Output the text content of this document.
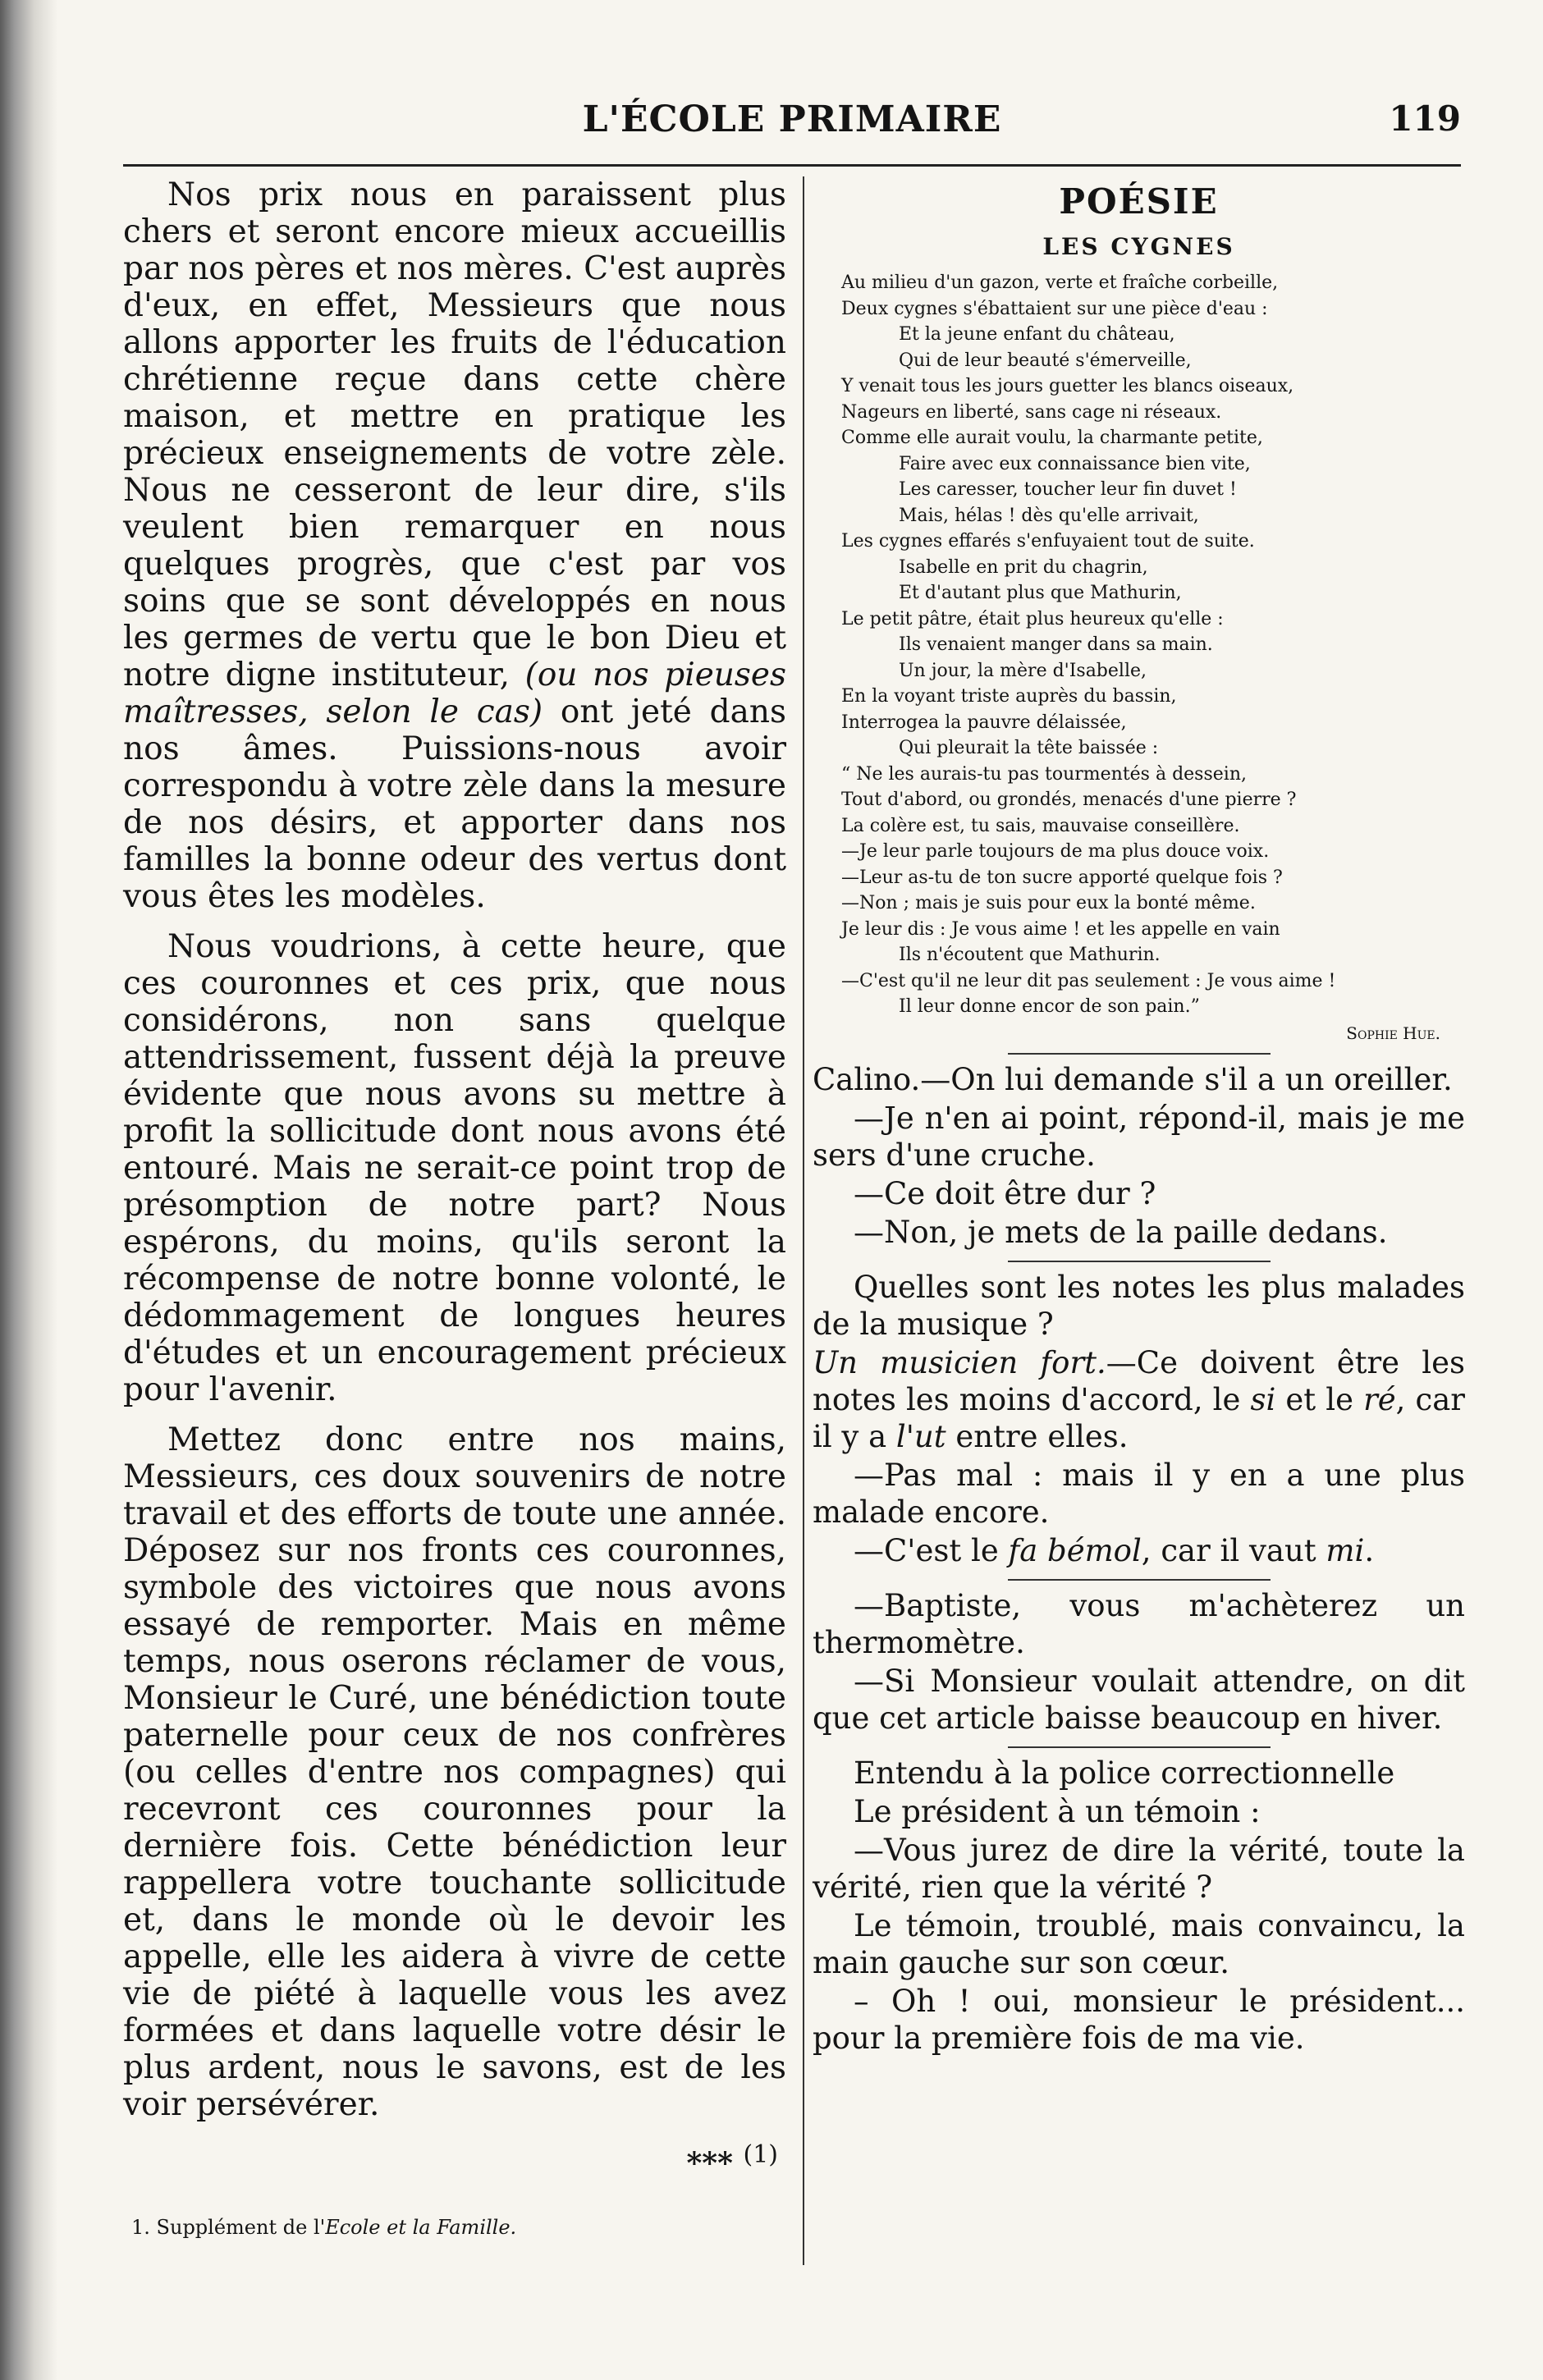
L'ÉCOLE PRIMAIRE	119

Nos prix nous en paraissent plus chers et seront encore mieux accueillis par nos pères et nos mères. C'est auprès d'eux, en effet, Messieurs que nous allons apporter les fruits de l'éducation chrétienne reçue dans cette chère maison, et mettre en pratique les précieux enseignements de votre zèle. Nous ne cesseront de leur dire, s'ils veulent bien remarquer en nous quelques progrès, que c'est par vos soins que se sont développés en nous les germes de vertu que le bon Dieu et notre digne instituteur, (ou nos pieuses maîtresses, selon le cas) ont jeté dans nos âmes. Puissions-nous avoir correspondu à votre zèle dans la mesure de nos désirs, et apporter dans nos familles la bonne odeur des vertus dont vous êtes les modèles.

Nous voudrions, à cette heure, que ces couronnes et ces prix, que nous considérons, non sans quelque attendrissement, fussent déjà la preuve évidente que nous avons su mettre à profit la sollicitude dont nous avons été entouré. Mais ne serait-ce point trop de présomption de notre part? Nous espérons, du moins, qu'ils seront la récompense de notre bonne volonté, le dédommagement de longues heures d'études et un encouragement précieux pour l'avenir.

Mettez donc entre nos mains, Messieurs, ces doux souvenirs de notre travail et des efforts de toute une année. Déposez sur nos fronts ces couronnes, symbole des victoires que nous avons essayé de remporter. Mais en même temps, nous oserons réclamer de vous, Monsieur le Curé, une bénédiction toute paternelle pour ceux de nos confrères (ou celles d'entre nos compagnes) qui recevront ces couronnes pour la dernière fois. Cette bénédiction leur rappellera votre touchante sollicitude et, dans le monde où le devoir les appelle, elle les aidera à vivre de cette vie de piété à laquelle vous les avez formées et dans laquelle votre désir le plus ardent, nous le savons, est de les voir persévérer.

*** $^{(1)}$
1. Supplément de l'Ecole et la Famille.
POÉSIE
LES CYGNES
Au milieu d'un gazon, verte et fraîche corbeille,
Deux cygnes s'ébattaient sur une pièce d'eau :
Et la jeune enfant du château,
Qui de leur beauté s'émerveille,
Y venait tous les jours guetter les blancs oiseaux,
Nageurs en liberté, sans cage ni réseaux.
Comme elle aurait voulu, la charmante petite,
Faire avec eux connaissance bien vite,
Les caresser, toucher leur fin duvet !
Mais, hélas ! dès qu'elle arrivait,
Les cygnes effarés s'enfuyaient tout de suite.
Isabelle en prit du chagrin,
Et d'autant plus que Mathurin,
Le petit pâtre, était plus heureux qu'elle :
Ils venaient manger dans sa main.
Un jour, la mère d'Isabelle,
En la voyant triste auprès du bassin,
Interrogea la pauvre délaissée,
Qui pleurait la tête baissée :
“ Ne les aurais-tu pas tourmentés à dessein,
Tout d'abord, ou grondés, menacés d'une pierre ?
La colère est, tu sais, mauvaise conseillère.
—Je leur parle toujours de ma plus douce voix.
—Leur as-tu de ton sucre apporté quelque fois ?
—Non ; mais je suis pour eux la bonté même.
Je leur dis : Je vous aime ! et les appelle en vain
Ils n'écoutent que Mathurin.
—C'est qu'il ne leur dit pas seulement : Je vous aime !
Il leur donne encor de son pain.”
Sophie Hue.

Calino.—On lui demande s'il a un oreiller.

—Je n'en ai point, répond-il, mais je me sers d'une cruche.

—Ce doit être dur ?

—Non, je mets de la paille dedans.

Quelles sont les notes les plus malades de la musique ?

Un musicien fort.—Ce doivent être les notes les moins d'accord, le si et le ré, car il y a l'ut entre elles.

—Pas mal : mais il y en a une plus malade encore.

—C'est le fa bémol, car il vaut mi.

—Baptiste, vous m'achèterez un thermomètre.

—Si Monsieur voulait attendre, on dit que cet article baisse beaucoup en hiver.

Entendu à la police correctionnelle

Le président à un témoin :

—Vous jurez de dire la vérité, toute la vérité, rien que la vérité ?

Le témoin, troublé, mais convaincu, la main gauche sur son cœur.

– Oh ! oui, monsieur le président... pour la première fois de ma vie.
